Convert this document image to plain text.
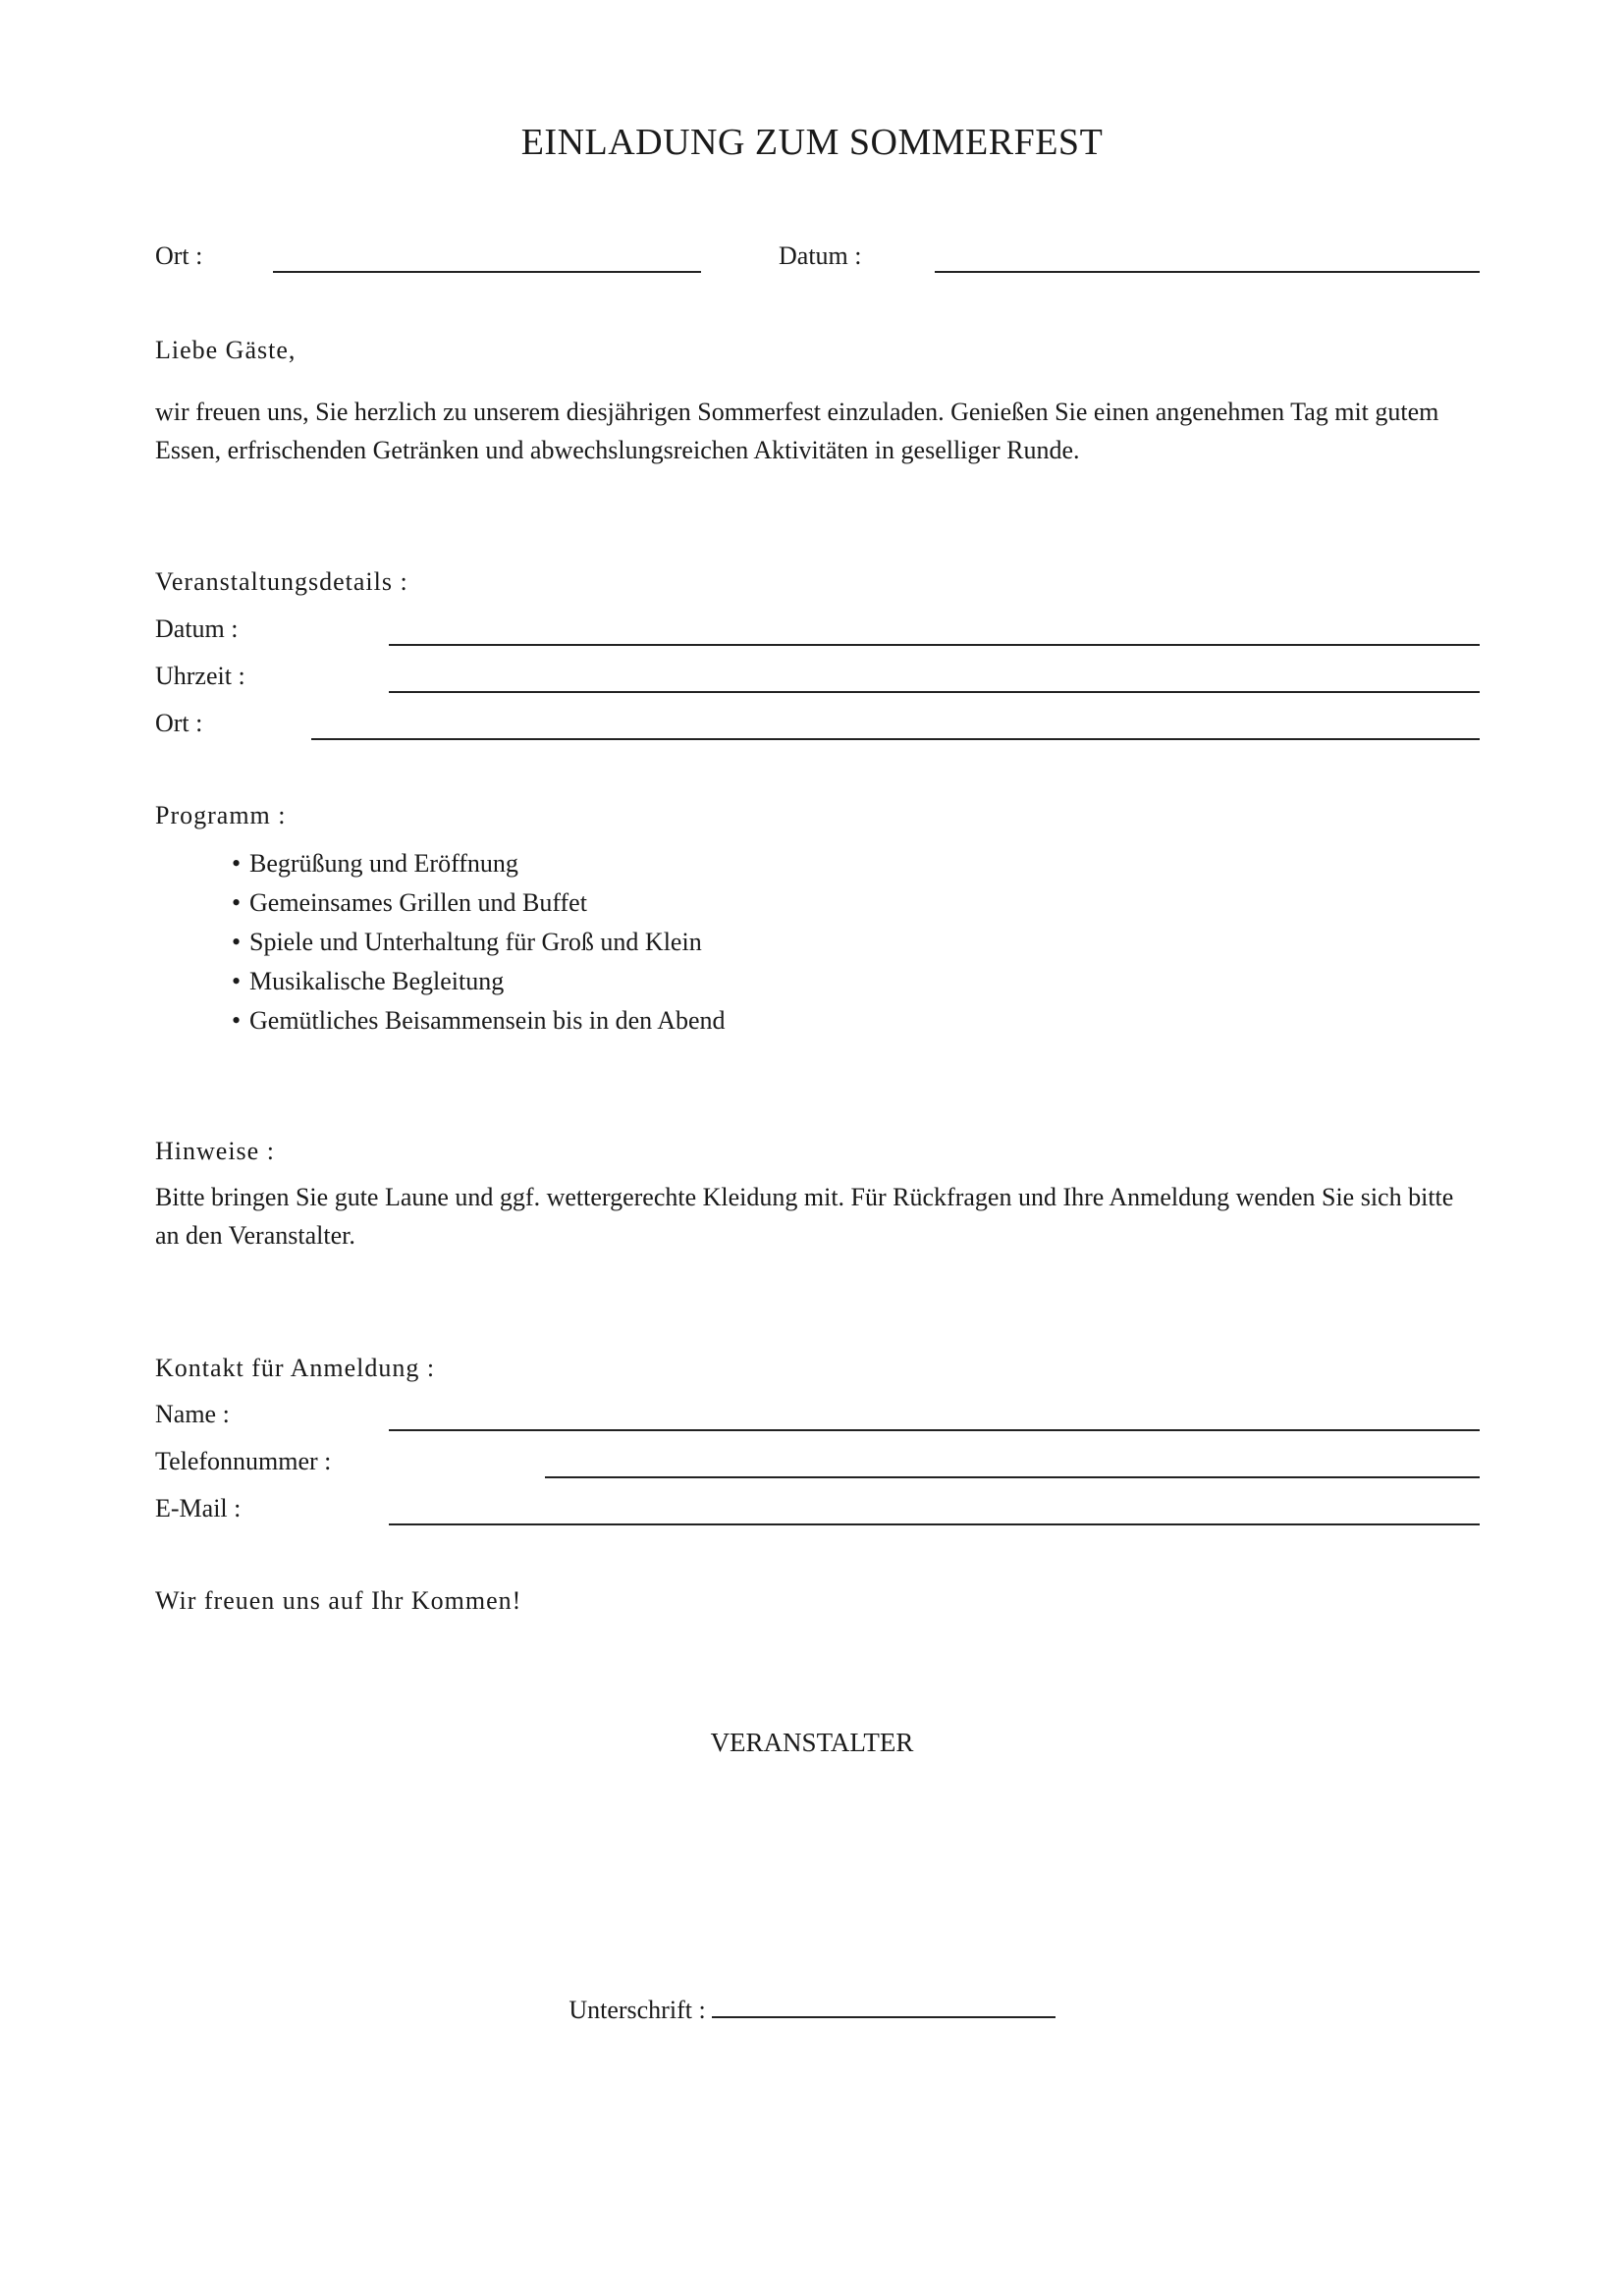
EINLADUNG ZUM SOMMERFEST
Ort :	Datum :
Liebe Gäste,
wir freuen uns, Sie herzlich zu unserem diesjährigen Sommerfest einzuladen. Genießen Sie einen angenehmen Tag mit gutem Essen, erfrischenden Getränken und abwechslungsreichen Aktivitäten in geselliger Runde.
Veranstaltungsdetails :
Datum :
Uhrzeit :
Ort :
Programm :
• Begrüßung und Eröffnung
• Gemeinsames Grillen und Buffet
• Spiele und Unterhaltung für Groß und Klein
• Musikalische Begleitung
• Gemütliches Beisammensein bis in den Abend
Hinweise :
Bitte bringen Sie gute Laune und ggf. wettergerechte Kleidung mit. Für Rückfragen und Ihre Anmeldung wenden Sie sich bitte an den Veranstalter.
Kontakt für Anmeldung :
Name :
Telefonnummer :
E-Mail :
Wir freuen uns auf Ihr Kommen!
VERANSTALTER
Unterschrift :
